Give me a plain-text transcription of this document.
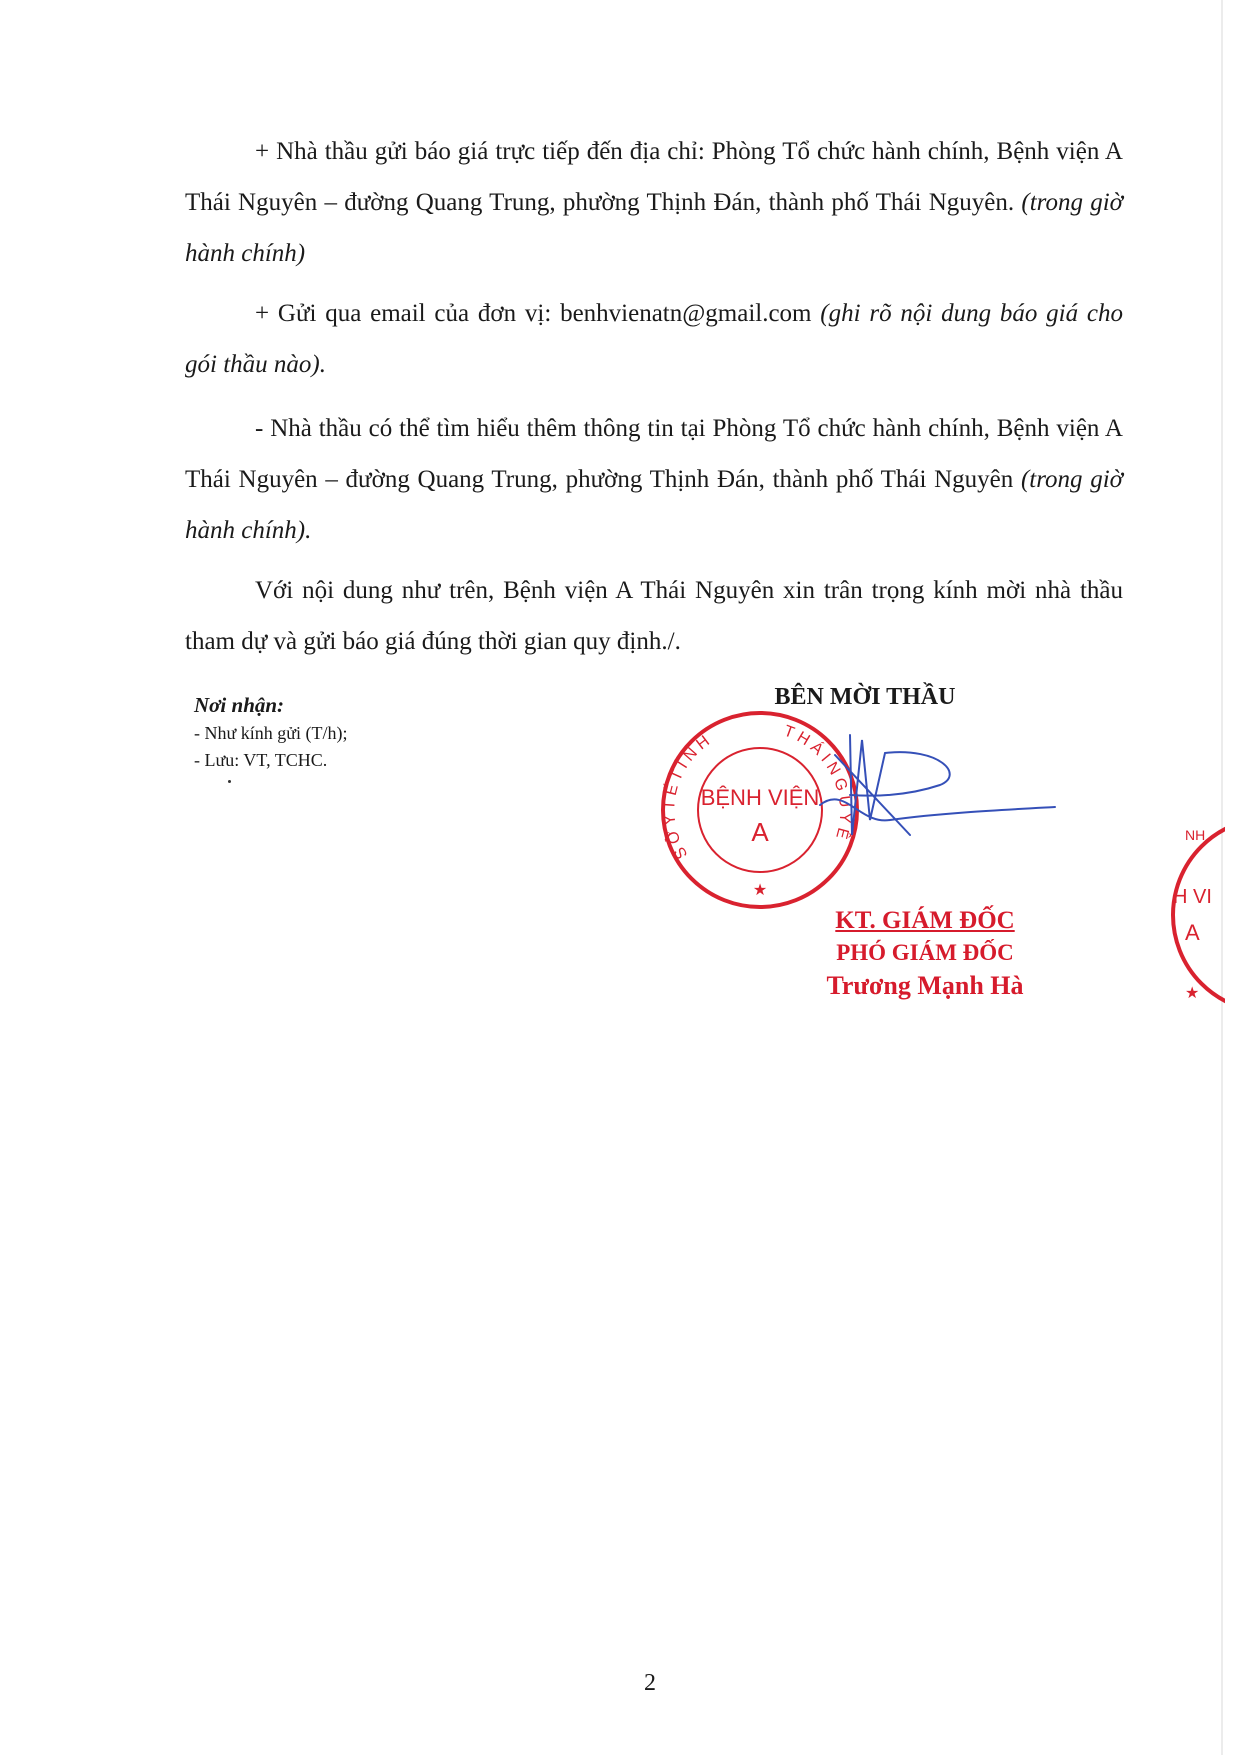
+ Nhà thầu gửi báo giá trực tiếp đến địa chỉ: Phòng Tổ chức hành chính, Bệnh viện A Thái Nguyên – đường Quang Trung, phường Thịnh Đán, thành phố Thái Nguyên. (trong giờ hành chính)

+ Gửi qua email của đơn vị: benhvienatn@gmail.com (ghi rõ nội dung báo giá cho gói thầu nào).

- Nhà thầu có thể tìm hiểu thêm thông tin tại Phòng Tổ chức hành chính, Bệnh viện A Thái Nguyên – đường Quang Trung, phường Thịnh Đán, thành phố Thái Nguyên (trong giờ hành chính).

Với nội dung như trên, Bệnh viện A Thái Nguyên xin trân trọng kính mời nhà thầu tham dự và gửi báo giá đúng thời gian quy định./.

Nơi nhận:
- Như kính gửi (T/h);
- Lưu: VT, TCHC.
BÊN MỜI THẦU
S Ở Y T Ế T Ỉ N H
T H Á I N G U Y Ê N
BỆNH VIỆN
A
★
KT. GIÁM ĐỐC
PHÓ GIÁM ĐỐC
Trương Mạnh Hà
NH
H VI
A
★
2
